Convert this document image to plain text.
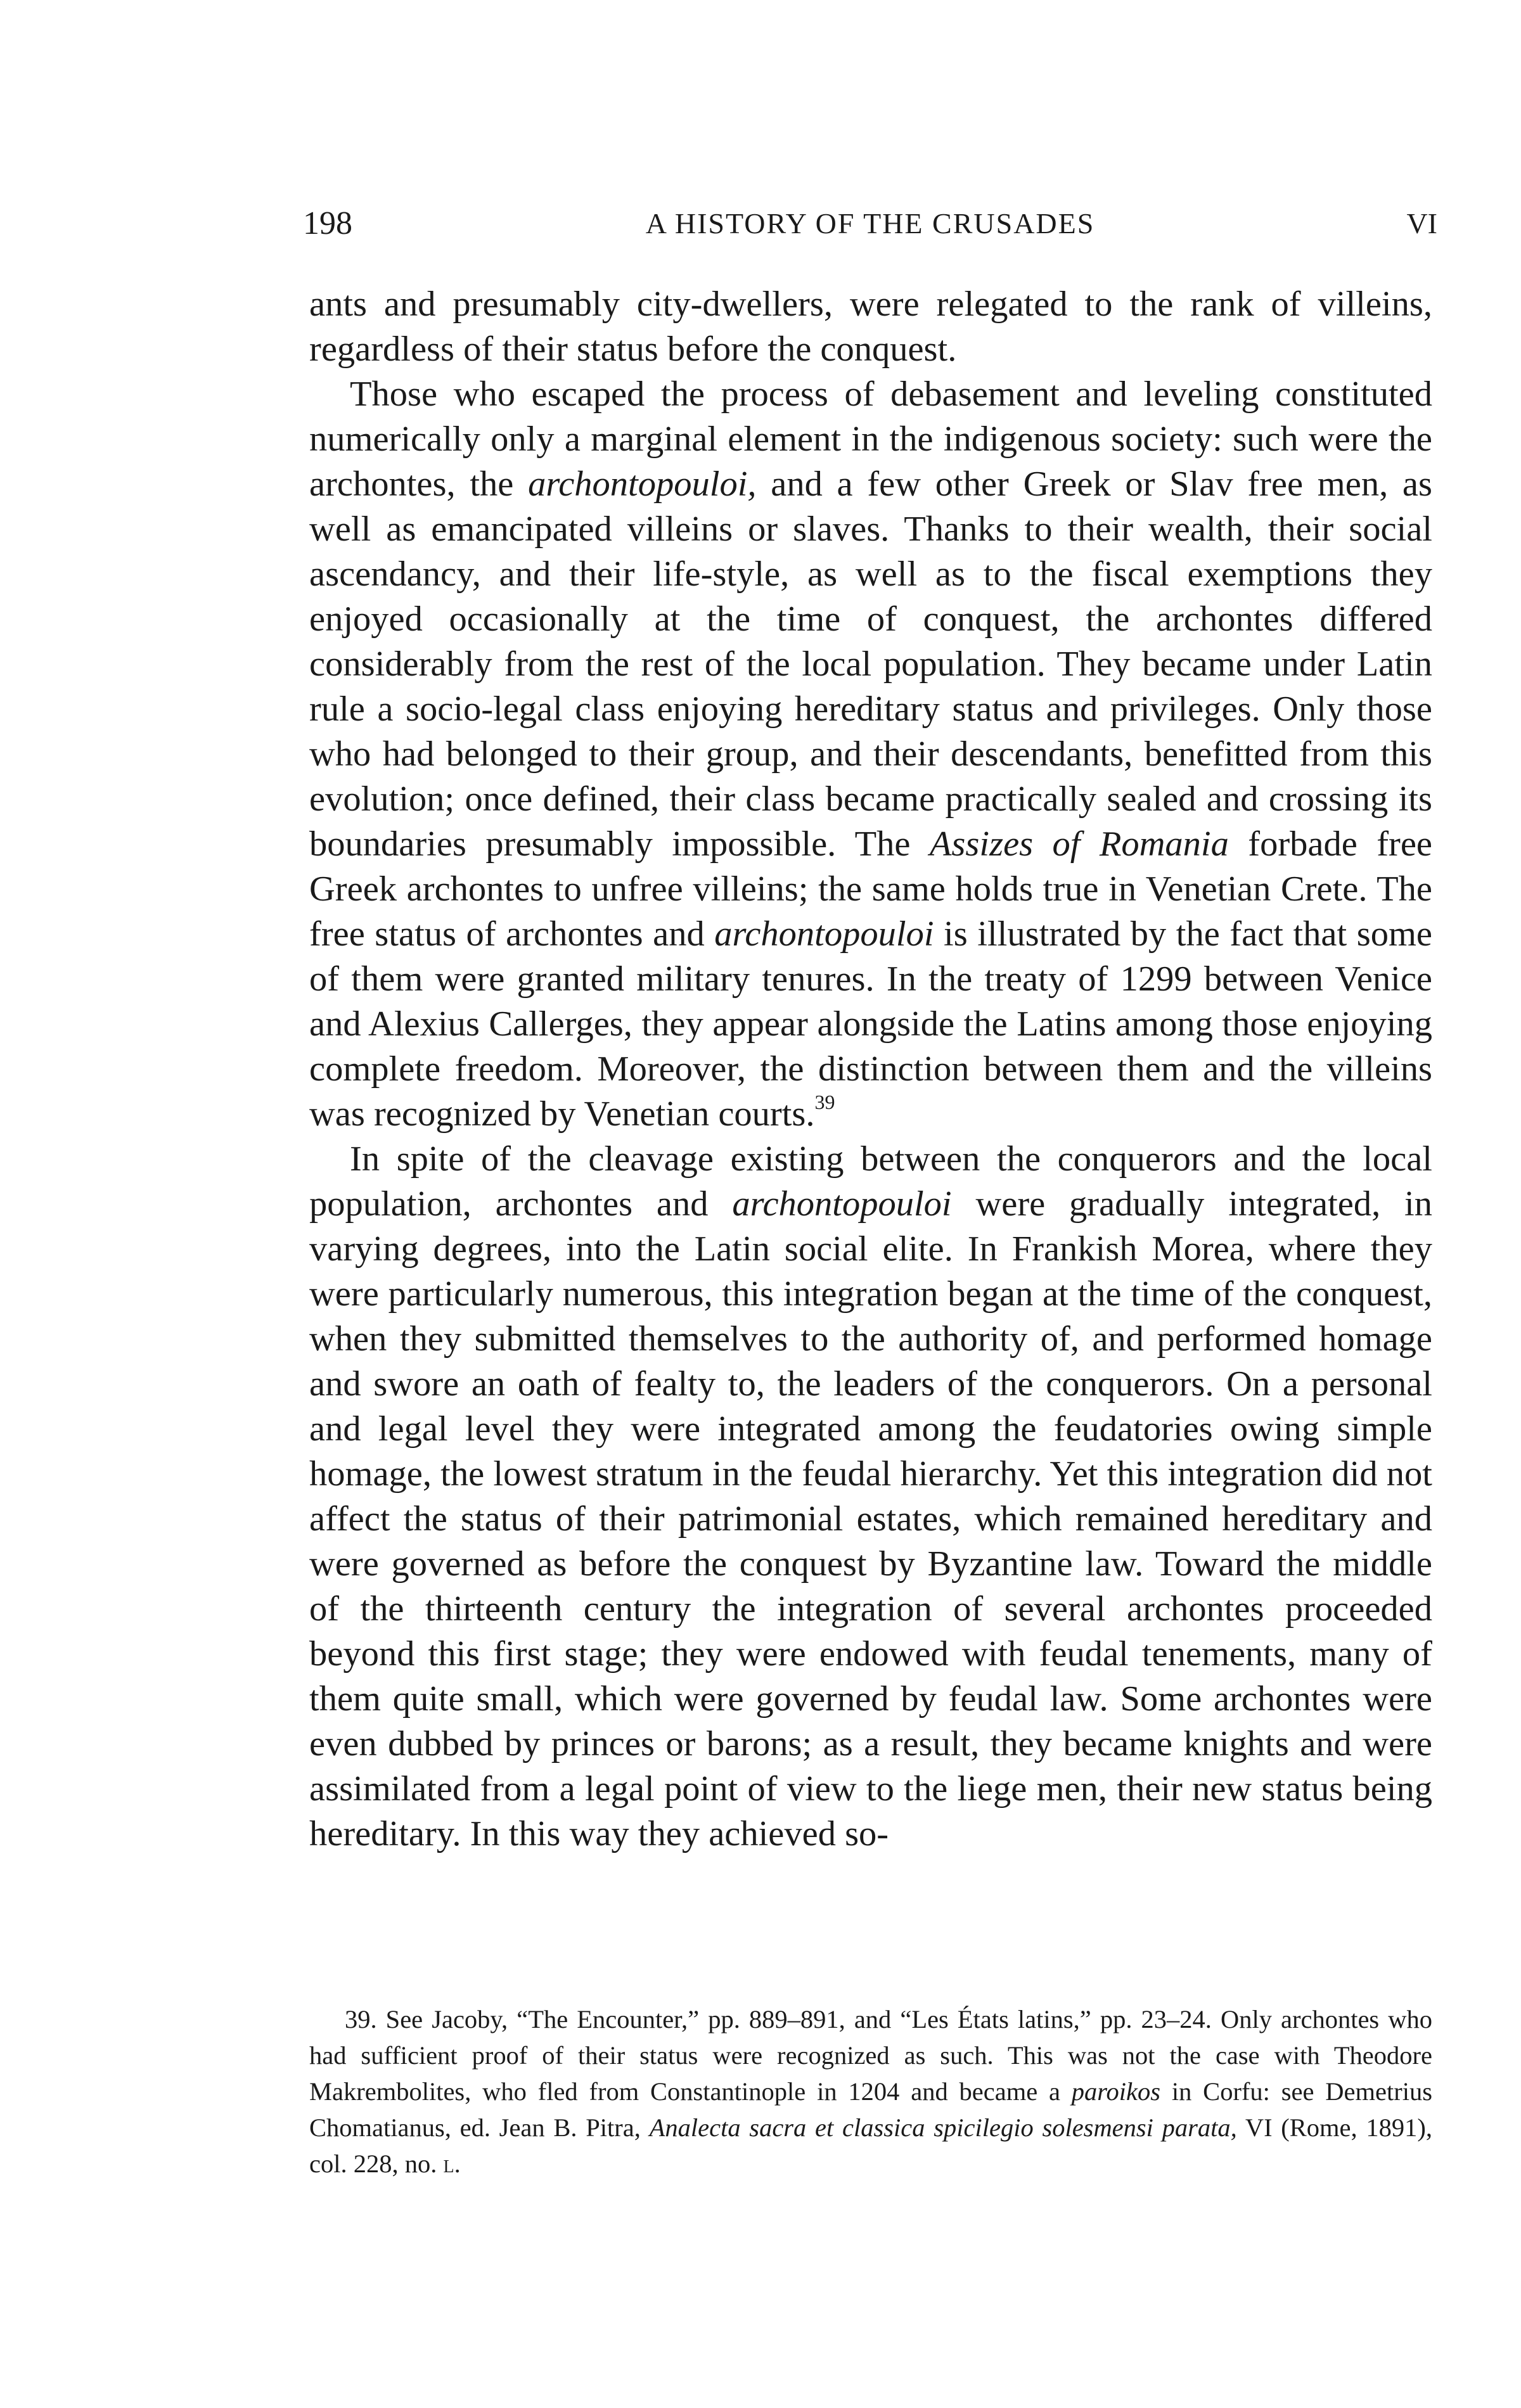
198	A HISTORY OF THE CRUSADES	VI

ants and presumably city-dwellers, were relegated to the rank of villeins, regardless of their status before the conquest.

Those who escaped the process of debasement and leveling constituted numerically only a marginal element in the indigenous society: such were the archontes, the archontopouloi, and a few other Greek or Slav free men, as well as emancipated villeins or slaves. Thanks to their wealth, their social ascendancy, and their life-style, as well as to the fiscal exemptions they enjoyed occasionally at the time of conquest, the archontes differed considerably from the rest of the local population. They became under Latin rule a socio-legal class enjoying hereditary status and privileges. Only those who had belonged to their group, and their descendants, benefitted from this evolution; once defined, their class became practically sealed and crossing its boundaries presumably impossible. The Assizes of Romania forbade free Greek archontes to unfree villeins; the same holds true in Venetian Crete. The free status of archontes and archontopouloi is illustrated by the fact that some of them were granted military tenures. In the treaty of 1299 between Venice and Alexius Callerges, they appear alongside the Latins among those enjoying complete freedom. Moreover, the distinction between them and the villeins was recognized by Venetian courts.$^{39}$

In spite of the cleavage existing between the conquerors and the local population, archontes and archontopouloi were gradually integrated, in varying degrees, into the Latin social elite. In Frankish Morea, where they were particularly numerous, this integration began at the time of the conquest, when they submitted themselves to the authority of, and performed homage and swore an oath of fealty to, the leaders of the conquerors. On a personal and legal level they were integrated among the feudatories owing simple homage, the lowest stratum in the feudal hierarchy. Yet this integration did not affect the status of their patrimonial estates, which remained hereditary and were governed as before the conquest by Byzantine law. Toward the middle of the thirteenth century the integration of several archontes proceeded beyond this first stage; they were endowed with feudal tenements, many of them quite small, which were governed by feudal law. Some archontes were even dubbed by princes or barons; as a result, they became knights and were assimilated from a legal point of view to the liege men, their new status being hereditary. In this way they achieved so-

39. See Jacoby, “The Encounter,” pp. 889–891, and “Les États latins,” pp. 23–24. Only archontes who had sufficient proof of their status were recognized as such. This was not the case with Theodore Makrembolites, who fled from Constantinople in 1204 and became a paroikos in Corfu: see Demetrius Chomatianus, ed. Jean B. Pitra, Analecta sacra et classica spicilegio solesmensi parata, VI (Rome, 1891), col. 228, no. l.
